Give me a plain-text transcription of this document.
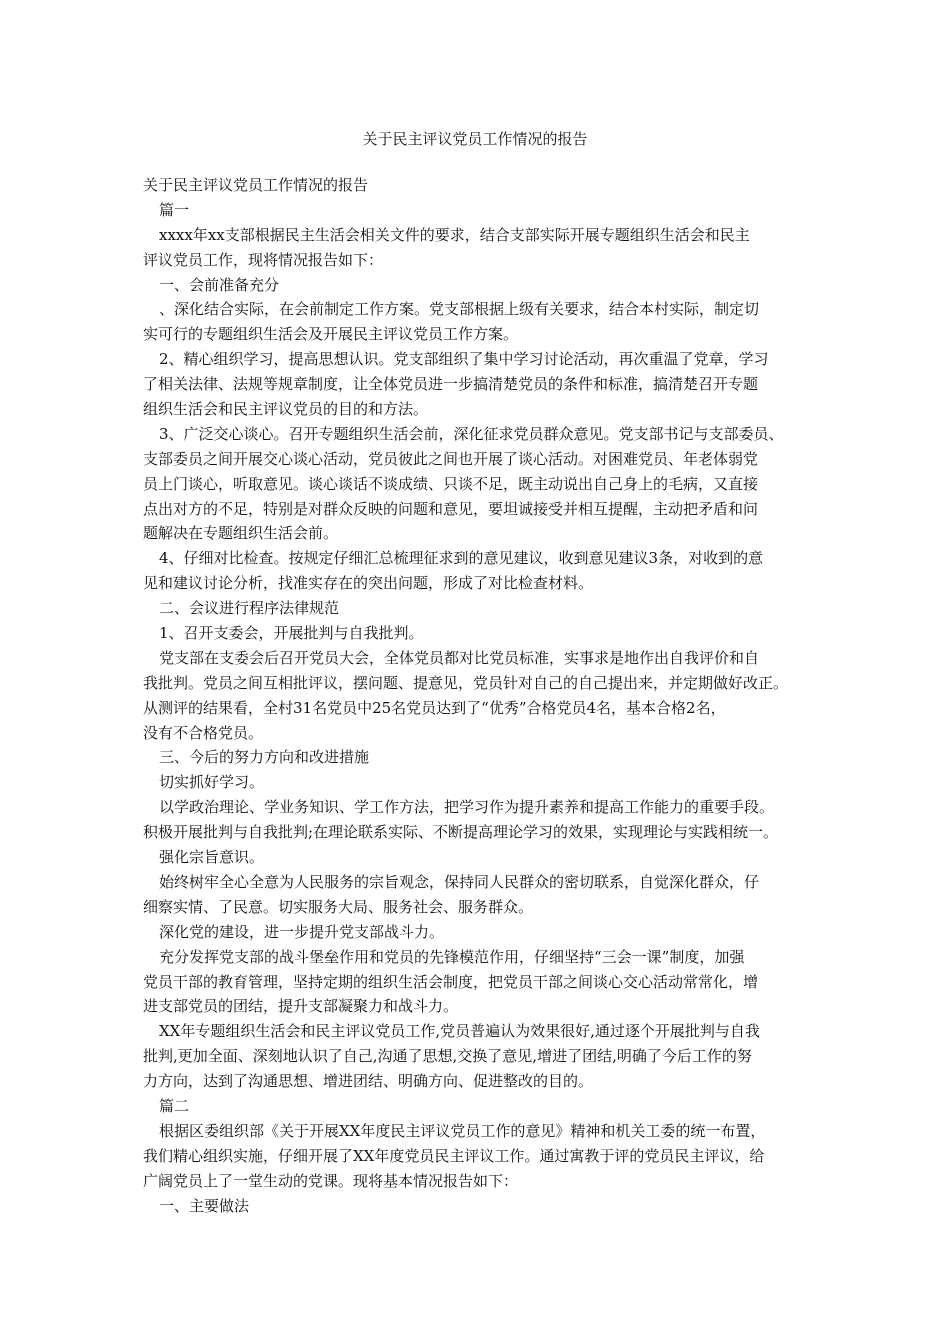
关于民主评议党员工作情况的报告
关于民主评议党员工作情况的报告
篇一
xxxx年xx支部根据民主生活会相关文件的要求，结合支部实际开展专题组织生活会和民主
评议党员工作，现将情况报告如下：
一、会前准备充分
、深化结合实际，在会前制定工作方案。党支部根据上级有关要求，结合本村实际，制定切
实可行的专题组织生活会及开展民主评议党员工作方案。
2、精心组织学习，提高思想认识。党支部组织了集中学习讨论活动，再次重温了党章，学习
了相关法律、法规等规章制度，让全体党员进一步搞清楚党员的条件和标准，搞清楚召开专题
组织生活会和民主评议党员的目的和方法。
3、广泛交心谈心。召开专题组织生活会前，深化征求党员群众意见。党支部书记与支部委员、
支部委员之间开展交心谈心活动，党员彼此之间也开展了谈心活动。对困难党员、年老体弱党
员上门谈心，听取意见。谈心谈话不谈成绩、只谈不足，既主动说出自己身上的毛病，又直接
点出对方的不足，特别是对群众反映的问题和意见，要坦诚接受并相互提醒，主动把矛盾和问
题解决在专题组织生活会前。
4、仔细对比检查。按规定仔细汇总梳理征求到的意见建议，收到意见建议3条，对收到的意
见和建议讨论分析，找准实存在的突出问题，形成了对比检查材料。
二、会议进行程序法律规范
1、召开支委会，开展批判与自我批判。
党支部在支委会后召开党员大会，全体党员都对比党员标准，实事求是地作出自我评价和自
我批判。党员之间互相批评议，摆问题、提意见，党员针对自己的自己提出来，并定期做好改正。
从测评的结果看，全村31名党员中25名党员达到了“优秀”合格党员4名，基本合格2名，
没有不合格党员。
三、今后的努力方向和改进措施
切实抓好学习。
以学政治理论、学业务知识、学工作方法，把学习作为提升素养和提高工作能力的重要手段。
积极开展批判与自我批判;在理论联系实际、不断提高理论学习的效果，实现理论与实践相统一。
强化宗旨意识。
始终树牢全心全意为人民服务的宗旨观念，保持同人民群众的密切联系，自觉深化群众，仔
细察实情、了民意。切实服务大局、服务社会、服务群众。
深化党的建设，进一步提升党支部战斗力。
充分发挥党支部的战斗堡垒作用和党员的先锋模范作用，仔细坚持“三会一课”制度，加强
党员干部的教育管理，坚持定期的组织生活会制度，把党员干部之间谈心交心活动常常化，增
进支部党员的团结，提升支部凝聚力和战斗力。
XX年专题组织生活会和民主评议党员工作,党员普遍认为效果很好,通过逐个开展批判与自我
批判,更加全面、深刻地认识了自己,沟通了思想,交换了意见,增进了团结,明确了今后工作的努
力方向，达到了沟通思想、增进团结、明确方向、促进整改的目的。
篇二
根据区委组织部《关于开展XX年度民主评议党员工作的意见》精神和机关工委的统一布置，
我们精心组织实施，仔细开展了XX年度党员民主评议工作。通过寓教于评的党员民主评议，给
广阔党员上了一堂生动的党课。现将基本情况报告如下：
一、主要做法
